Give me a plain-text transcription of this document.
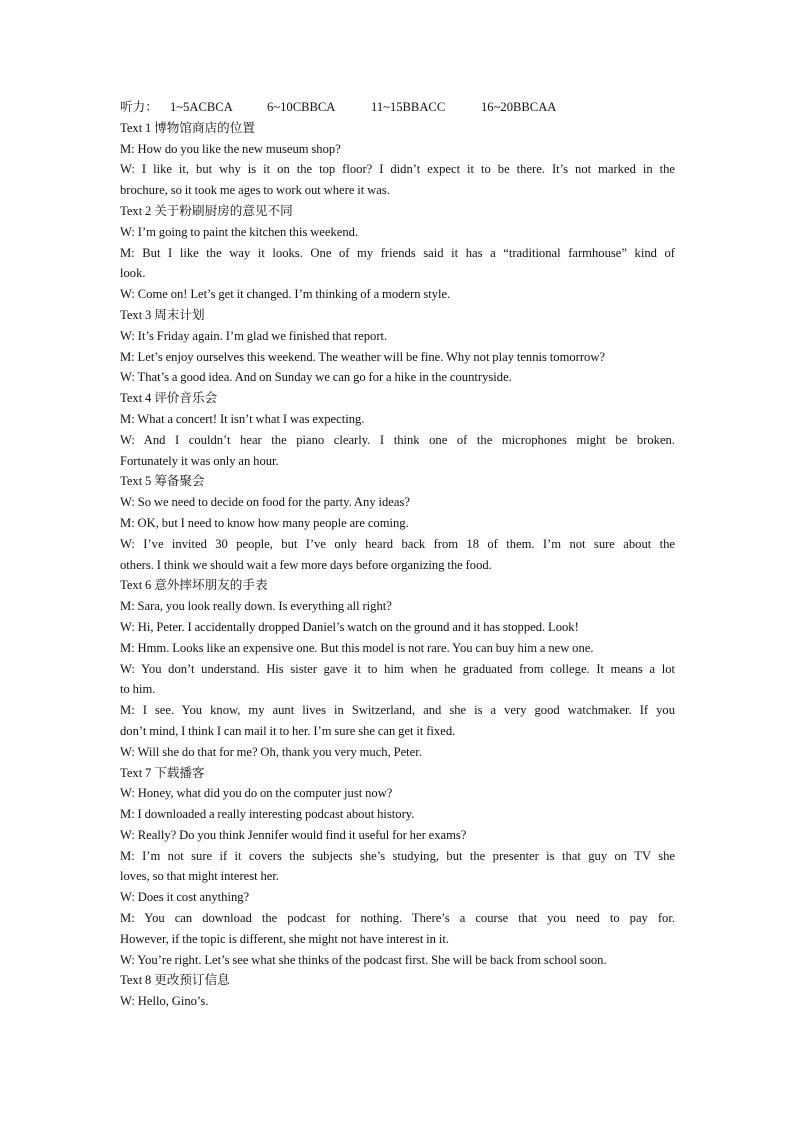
听力： 1~5ACBCA	6~10CBBCA	11~15BBACC	16~20BBCAA

Text 1 博物馆商店的位置

M: How do you like the new museum shop?

W: I like it, but why is it on the top floor? I didn’t expect it to be there. It’s not marked in the

brochure, so it took me ages to work out where it was.

Text 2 关于粉刷厨房的意见不同

W: I’m going to paint the kitchen this weekend.

M: But I like the way it looks. One of my friends said it has a “traditional farmhouse” kind of

look.

W: Come on! Let’s get it changed. I’m thinking of a modern style.

Text 3 周末计划

W: It’s Friday again. I’m glad we finished that report.

M: Let’s enjoy ourselves this weekend. The weather will be fine. Why not play tennis tomorrow?

W: That’s a good idea. And on Sunday we can go for a hike in the countryside.

Text 4 评价音乐会

M: What a concert! It isn’t what I was expecting.

W: And I couldn’t hear the piano clearly. I think one of the microphones might be broken.

Fortunately it was only an hour.

Text 5 筹备聚会

W: So we need to decide on food for the party. Any ideas?

M: OK, but I need to know how many people are coming.

W: I’ve invited 30 people, but I’ve only heard back from 18 of them. I’m not sure about the

others. I think we should wait a few more days before organizing the food.

Text 6 意外摔坏朋友的手表

M: Sara, you look really down. Is everything all right?

W: Hi, Peter. I accidentally dropped Daniel’s watch on the ground and it has stopped. Look!

M: Hmm. Looks like an expensive one. But this model is not rare. You can buy him a new one.

W: You don’t understand. His sister gave it to him when he graduated from college. It means a lot

to him.

M: I see. You know, my aunt lives in Switzerland, and she is a very good watchmaker. If you

don’t mind, I think I can mail it to her. I’m sure she can get it fixed.

W: Will she do that for me? Oh, thank you very much, Peter.

Text 7 下载播客

W: Honey, what did you do on the computer just now?

M: I downloaded a really interesting podcast about history.

W: Really? Do you think Jennifer would find it useful for her exams?

M: I’m not sure if it covers the subjects she’s studying, but the presenter is that guy on TV she

loves, so that might interest her.

W: Does it cost anything?

M: You can download the podcast for nothing. There’s a course that you need to pay for.

However, if the topic is different, she might not have interest in it.

W: You’re right. Let’s see what she thinks of the podcast first. She will be back from school soon.

Text 8 更改预订信息

W: Hello, Gino’s.
